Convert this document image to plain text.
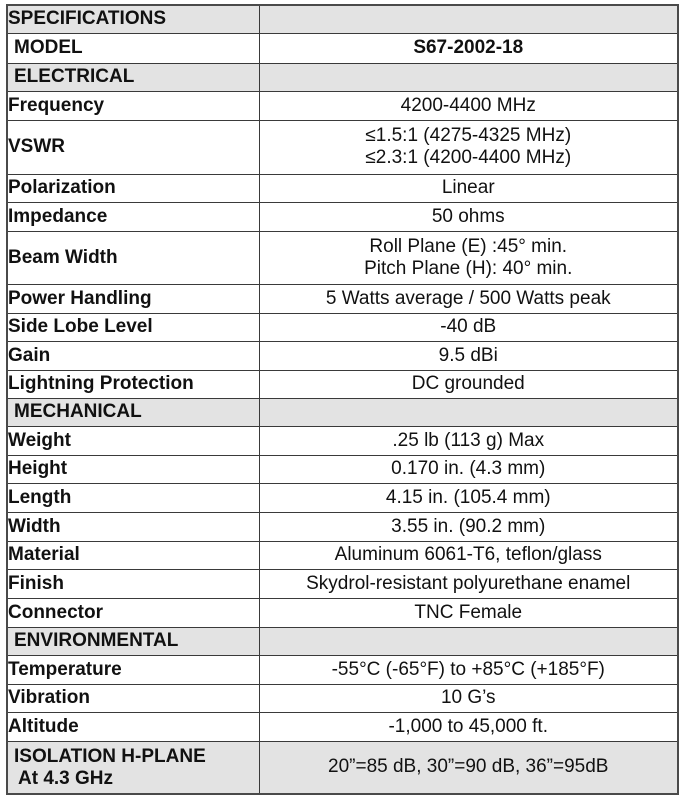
SPECIFICATIONS	
MODEL	S67-2002-18
ELECTRICAL	
Frequency	4200-4400 MHz
VSWR	≤1.5:1 (4275-4325 MHz)
≤2.3:1 (4200-4400 MHz)

Polarization	Linear
Impedance	50 ohms
Beam Width	Roll Plane (E) :45° min.
Pitch Plane (H): 40° min.

Power Handling	5 Watts average / 500 Watts peak
Side Lobe Level	-40 dB
Gain	9.5 dBi
Lightning Protection	DC grounded
MECHANICAL	
Weight	.25 lb (113 g) Max
Height	0.170 in. (4.3 mm)
Length	4.15 in. (105.4 mm)
Width	3.55 in. (90.2 mm)
Material	Aluminum 6061-T6, teflon/glass
Finish	Skydrol-resistant polyurethane enamel
Connector	TNC Female
ENVIRONMENTAL	
Temperature	-55°C (-65°F) to +85°C (+185°F)
Vibration	10 G’s
Altitude	-1,000 to 45,000 ft.

ISOLATION H-PLANE
At 4.3 GHz	20”=85 dB, 30”=90 dB, 36”=95dB
